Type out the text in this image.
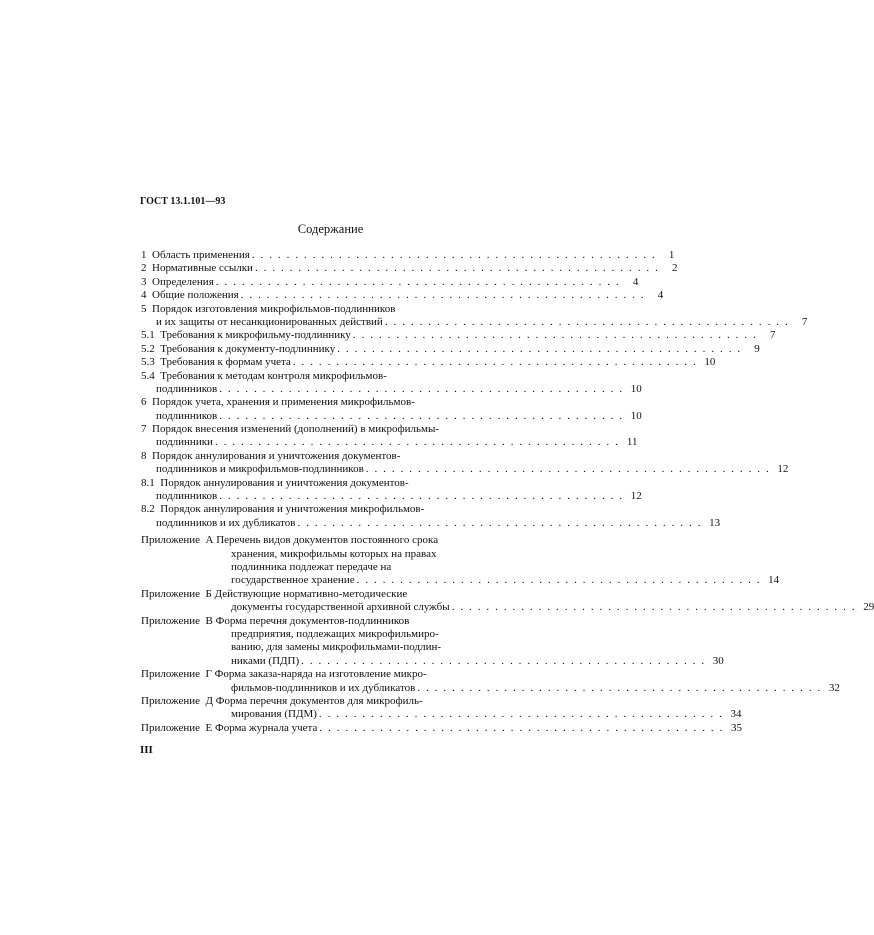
ГОСТ 13.1.101—93
Содержание
1  Область применения . . . . . . . . . . . . . . . . . . . . . . . . . . . . . . . . . . . . . . . . . . . . . . .	1
2  Нормативные ссылки . . . . . . . . . . . . . . . . . . . . . . . . . . . . . . . . . . . . . . . . . . . . . . .	2
3  Определения . . . . . . . . . . . . . . . . . . . . . . . . . . . . . . . . . . . . . . . . . . . . . . .	4
4  Общие положения . . . . . . . . . . . . . . . . . . . . . . . . . . . . . . . . . . . . . . . . . . . . . . .	4
5  Порядок изготовления микрофильмов-подлинников
и их защиты от несанкционированных действий . . . . . . . . . . . . . . . . . . . . . . . . . . . . . . . . . . . . . . . . . . . . . . .	7
5.1  Требования к микрофильму-подлиннику . . . . . . . . . . . . . . . . . . . . . . . . . . . . . . . . . . . . . . . . . . . . . . .	7
5.2  Требования к документу-подлиннику . . . . . . . . . . . . . . . . . . . . . . . . . . . . . . . . . . . . . . . . . . . . . . .	9
5.3  Требования к формам учета . . . . . . . . . . . . . . . . . . . . . . . . . . . . . . . . . . . . . . . . . . . . . . . 10
5.4  Требования к методам контроля микрофильмов-
подлинников . . . . . . . . . . . . . . . . . . . . . . . . . . . . . . . . . . . . . . . . . . . . . . . 10
6  Порядок учета, хранения и применения микрофильмов-
подлинников . . . . . . . . . . . . . . . . . . . . . . . . . . . . . . . . . . . . . . . . . . . . . . . 10
7  Порядок внесения изменений (дополнений) в микрофильмы-
подлинники . . . . . . . . . . . . . . . . . . . . . . . . . . . . . . . . . . . . . . . . . . . . . . . 11
8  Порядок аннулирования и уничтожения документов-
подлинников и микрофильмов-подлинников . . . . . . . . . . . . . . . . . . . . . . . . . . . . . . . . . . . . . . . . . . . . . . . 12
8.1  Порядок аннулирования и уничтожения документов-
подлинников . . . . . . . . . . . . . . . . . . . . . . . . . . . . . . . . . . . . . . . . . . . . . . . 12
8.2  Порядок аннулирования и уничтожения микрофильмов-
подлинников и их дубликатов . . . . . . . . . . . . . . . . . . . . . . . . . . . . . . . . . . . . . . . . . . . . . . . 13
Приложение  А Перечень видов документов постоянного срока
хранения, микрофильмы которых на правах
подлинника подлежат передаче на
государственное хранение . . . . . . . . . . . . . . . . . . . . . . . . . . . . . . . . . . . . . . . . . . . . . . . 14
Приложение  Б Действующие нормативно-методические
документы государственной архивной службы . . . . . . . . . . . . . . . . . . . . . . . . . . . . . . . . . . . . . . . . . . . . . . . 29
Приложение  В Форма перечня документов-подлинников
предприятия, подлежащих микрофильмиро-
ванию, для замены микрофильмами-подлин-
никами (ПДП) . . . . . . . . . . . . . . . . . . . . . . . . . . . . . . . . . . . . . . . . . . . . . . . 30
Приложение  Г Форма заказа-наряда на изготовление микро-
фильмов-подлинников и их дубликатов . . . . . . . . . . . . . . . . . . . . . . . . . . . . . . . . . . . . . . . . . . . . . . . 32
Приложение  Д Форма перечня документов для микрофиль-
мирования (ПДМ) . . . . . . . . . . . . . . . . . . . . . . . . . . . . . . . . . . . . . . . . . . . . . . . 34
Приложение  Е
Форма журнала учета . . . . . . . . . . . . . . . . . . . . . . . . . . . . . . . . . . . . . . . . . . . . . . . 35
III
